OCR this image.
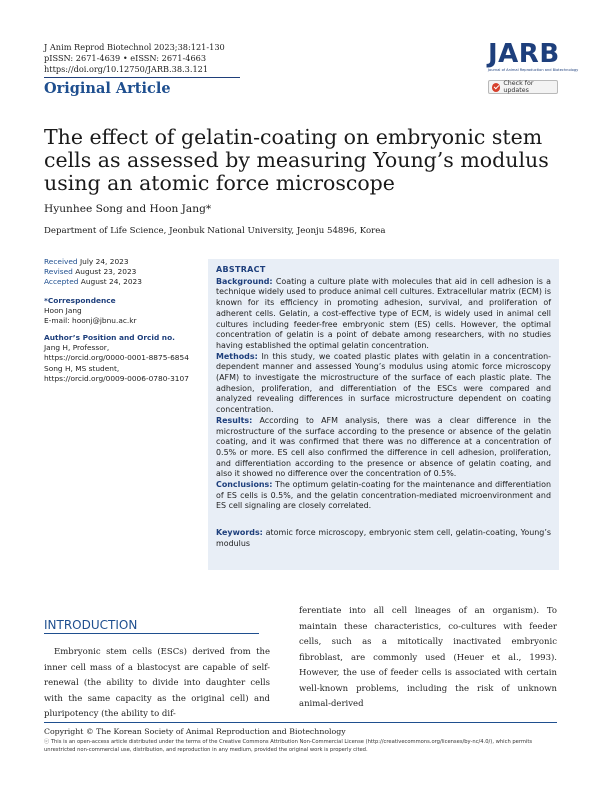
J Anim Reprod Biotechnol 2023;38:121-130
pISSN: 2671-4639 • eISSN: 2671-4663
https://doi.org/10.12750/JARB.38.3.121
Original Article
JARB
Journal of Animal Reproduction and Biotechnology
Check for updates
The effect of gelatin-coating on embryonic stem cells as assessed by measuring Young’s modulus using an atomic force microscope
Hyunhee Song and Hoon Jang*
Department of Life Science, Jeonbuk National University, Jeonju 54896, Korea
Received July 24, 2023
Revised August 23, 2023
Accepted August 24, 2023
*Correspondence
Hoon Jang
E-mail: hoonj@jbnu.ac.kr
Author’s Position and Orcid no.
Jang H, Professor,
https://orcid.org/0000-0001-8875-6854
Song H, MS student,
https://orcid.org/0009-0006-0780-3107
ABSTRACT

Background: Coating a culture plate with molecules that aid in cell adhesion is a technique widely used to produce animal cell cultures. Extracellular matrix (ECM) is known for its efficiency in promoting adhesion, survival, and proliferation of adherent cells. Gelatin, a cost-effective type of ECM, is widely used in animal cell cultures including feeder-free embryonic stem (ES) cells. However, the optimal concentration of gelatin is a point of debate among researchers, with no studies having established the optimal gelatin concentration.

Methods: In this study, we coated plastic plates with gelatin in a concentration-dependent manner and assessed Young’s modulus using atomic force microscopy (AFM) to investigate the microstructure of the surface of each plastic plate. The adhesion, proliferation, and differentiation of the ESCs were compared and analyzed revealing differences in surface microstructure dependent on coating concentration.

Results: According to AFM analysis, there was a clear difference in the microstructure of the surface according to the presence or absence of the gelatin coating, and it was confirmed that there was no difference at a concentration of 0.5% or more. ES cell also confirmed the difference in cell adhesion, proliferation, and differentiation according to the presence or absence of gelatin coating, and also it showed no difference over the concentration of 0.5%.

Conclusions: The optimum gelatin-coating for the maintenance and differentiation of ES cells is 0.5%, and the gelatin concentration-mediated microenvironment and ES cell signaling are closely correlated.

Keywords: atomic force microscopy, embryonic stem cell, gelatin-coating, Young’s modulus

INTRODUCTION

Embryonic stem cells (ESCs) derived from the inner cell mass of a blastocyst are capable of self-renewal (the ability to divide into daughter cells with the same capacity as the original cell) and pluripotency (the ability to dif-

ferentiate into all cell lineages of an organism). To maintain these characteristics, co-cultures with feeder cells, such as a mitotically inactivated embryonic fibroblast, are commonly used (Heuer et al., 1993). However, the use of feeder cells is associated with certain well-known problems, including the risk of unknown animal-derived

Copyright © The Korean Society of Animal Reproduction and Biotechnology
ⓒ This is an open-access article distributed under the terms of the Creative Commons Attribution Non-Commercial License (http://creativecommons.org/licenses/by-nc/4.0/), which permits unrestricted non-commercial use, distribution, and reproduction in any medium, provided the original work is properly cited.
